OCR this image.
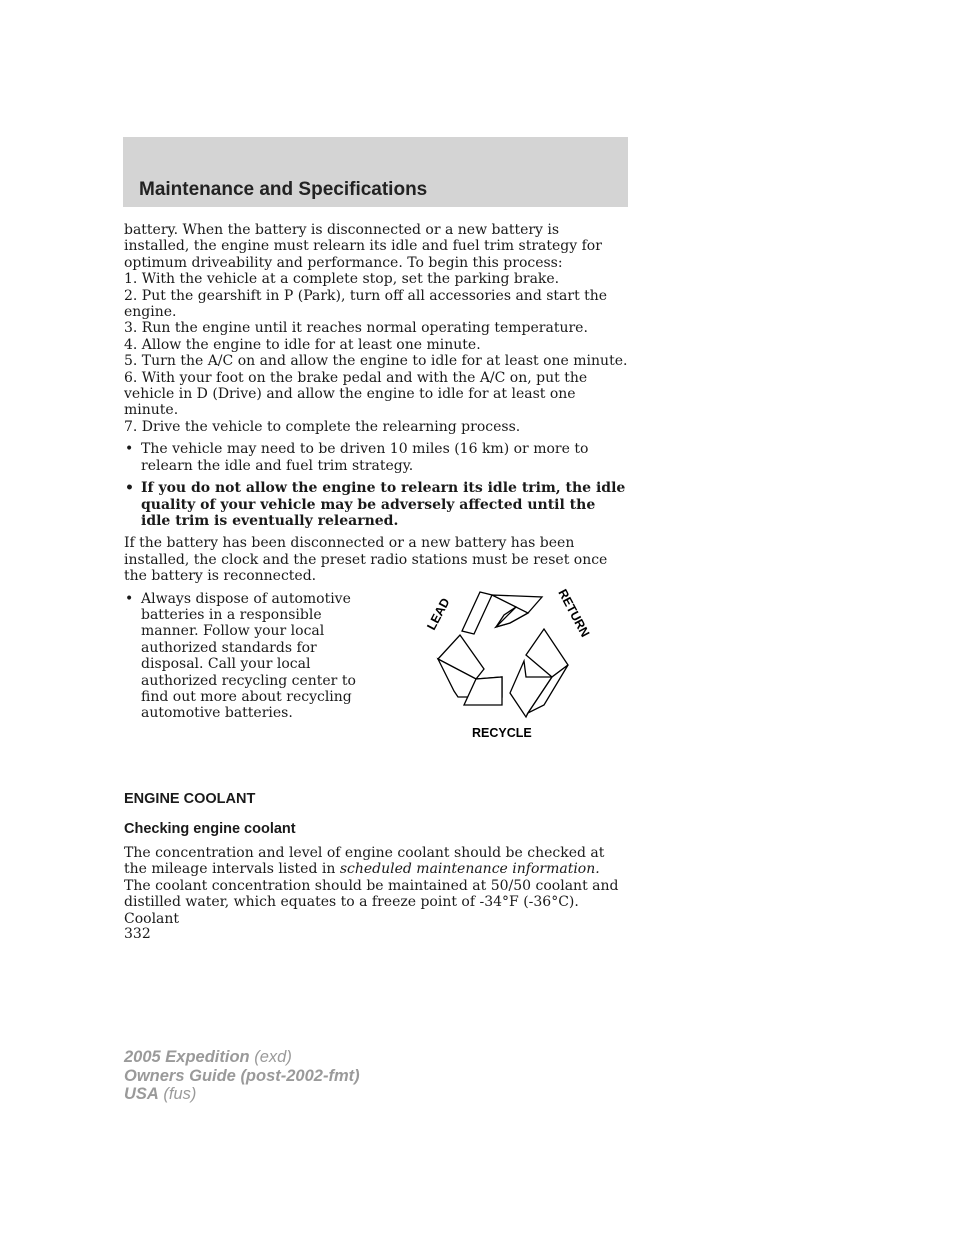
Maintenance and Specifications

battery. When the battery is disconnected or a new battery is installed, the engine must relearn its idle and fuel trim strategy for optimum driveability and performance. To begin this process:

1. With the vehicle at a complete stop, set the parking brake.

2. Put the gearshift in P (Park), turn off all accessories and start the engine.

3. Run the engine until it reaches normal operating temperature.

4. Allow the engine to idle for at least one minute.

5. Turn the A/C on and allow the engine to idle for at least one minute.

6. With your foot on the brake pedal and with the A/C on, put the vehicle in D (Drive) and allow the engine to idle for at least one minute.

7. Drive the vehicle to complete the relearning process.

• The vehicle may need to be driven 10 miles (16 km) or more to relearn the idle and fuel trim strategy.
• If you do not allow the engine to relearn its idle trim, the idle quality of your vehicle may be adversely affected until the idle trim is eventually relearned.

If the battery has been disconnected or a new battery has been installed, the clock and the preset radio stations must be reset once the battery is reconnected.

• Always dispose of automotive batteries in a responsible manner. Follow your local authorized standards for disposal. Call your local authorized recycling center to find out more about recycling automotive batteries.
LEAD	RETURN
RECYCLE
ENGINE COOLANT
Checking engine coolant

The concentration and level of engine coolant should be checked at the mileage intervals listed in scheduled maintenance information. The coolant concentration should be maintained at 50/50 coolant and distilled water, which equates to a freeze point of -34°F (-36°C). Coolant

332
2005 Expedition (exd)
Owners Guide (post-2002-fmt)
USA (fus)
